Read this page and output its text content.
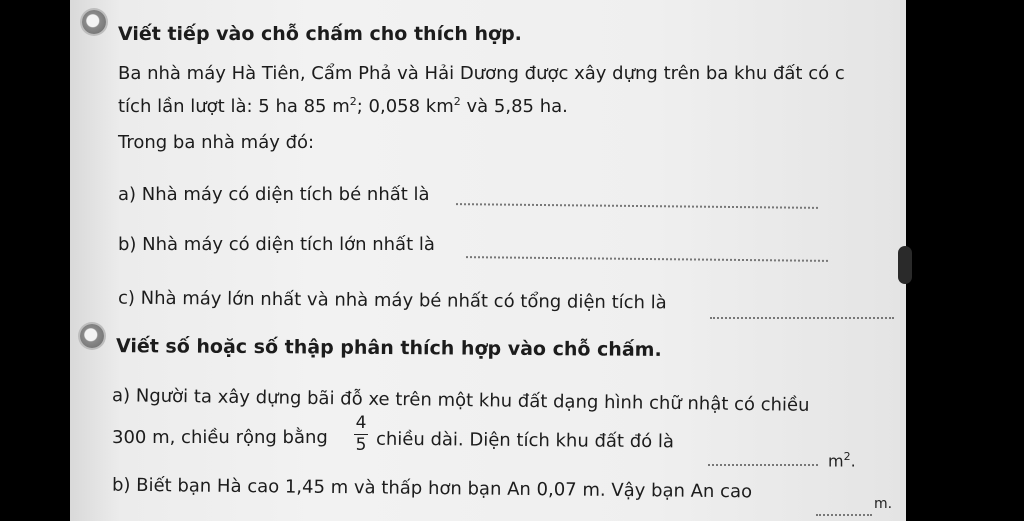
Viết tiếp vào chỗ chấm cho thích hợp.
Ba nhà máy Hà Tiên, Cẩm Phả và Hải Dương được xây dựng trên ba khu đất có c
tích lần lượt là: 5 ha 85 $m^2$; 0,058 $km^2$ và 5,85 ha.
Trong ba nhà máy đó:
a) Nhà máy có diện tích bé nhất là
b) Nhà máy có diện tích lớn nhất là
c) Nhà máy lớn nhất và nhà máy bé nhất có tổng diện tích là
Viết số hoặc số thập phân thích hợp vào chỗ chấm.
a) Người ta xây dựng bãi đỗ xe trên một khu đất dạng hình chữ nhật có chiều
300 m, chiều rộng bằng
4
5 chiều dài. Diện tích khu đất đó là
$m^2$.
b) Biết bạn Hà cao 1,45 m và thấp hơn bạn An 0,07 m. Vậy bạn An cao
m.
